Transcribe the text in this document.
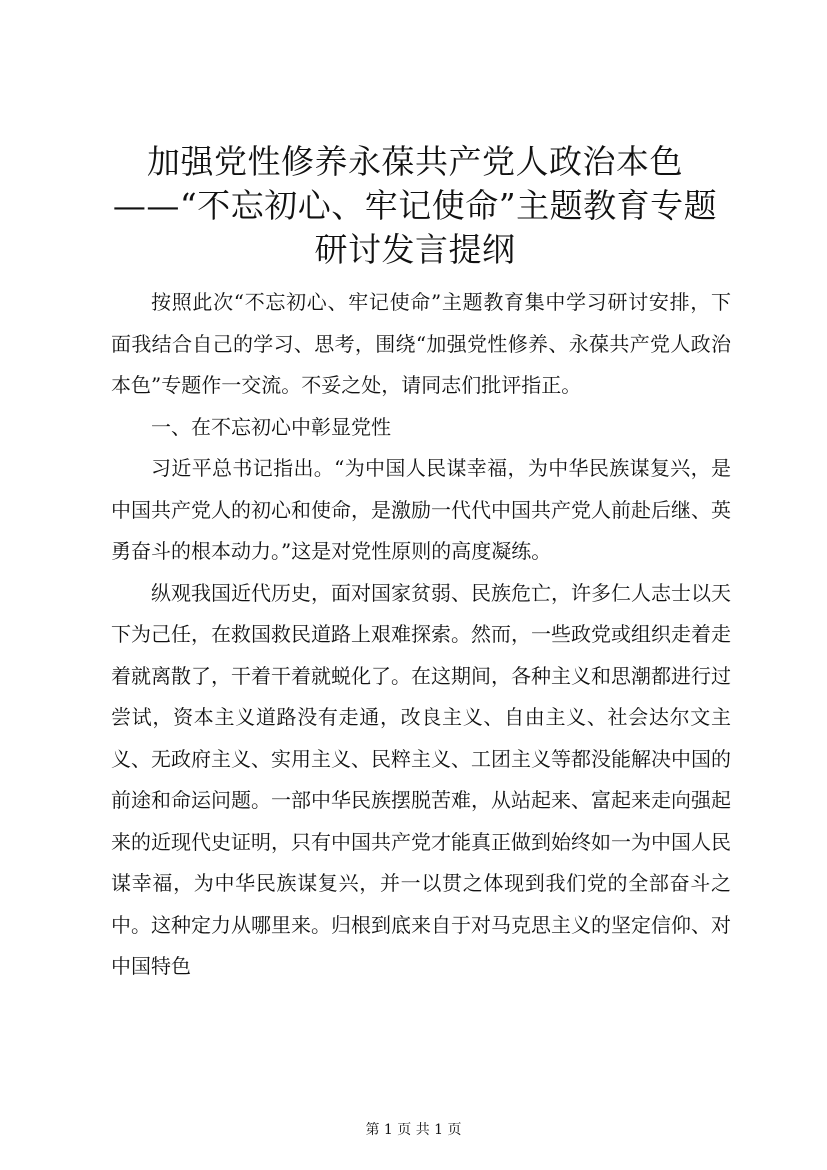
加强党性修养永葆共产党人政治本色——“不忘初心、牢记使命”主题教育专题研讨发言提纲

按照此次“不忘初心、牢记使命”主题教育集中学习研讨安排，下面我结合自己的学习、思考，围绕“加强党性修养、永葆共产党人政治本色”专题作一交流。不妥之处，请同志们批评指正。

一、在不忘初心中彰显党性

习近平总书记指出。“为中国人民谋幸福，为中华民族谋复兴，是中国共产党人的初心和使命，是激励一代代中国共产党人前赴后继、英勇奋斗的根本动力。”这是对党性原则的高度凝练。

纵观我国近代历史，面对国家贫弱、民族危亡，许多仁人志士以天下为己任，在救国救民道路上艰难探索。然而，一些政党或组织走着走着就离散了，干着干着就蜕化了。在这期间，各种主义和思潮都进行过尝试，资本主义道路没有走通，改良主义、自由主义、社会达尔文主义、无政府主义、实用主义、民粹主义、工团主义等都没能解决中国的前途和命运问题。一部中华民族摆脱苦难，从站起来、富起来走向强起来的近现代史证明，只有中国共产党才能真正做到始终如一为中国人民谋幸福，为中华民族谋复兴，并一以贯之体现到我们党的全部奋斗之中。这种定力从哪里来。归根到底来自于对马克思主义的坚定信仰、对中国特色

第 1 页 共 1 页
